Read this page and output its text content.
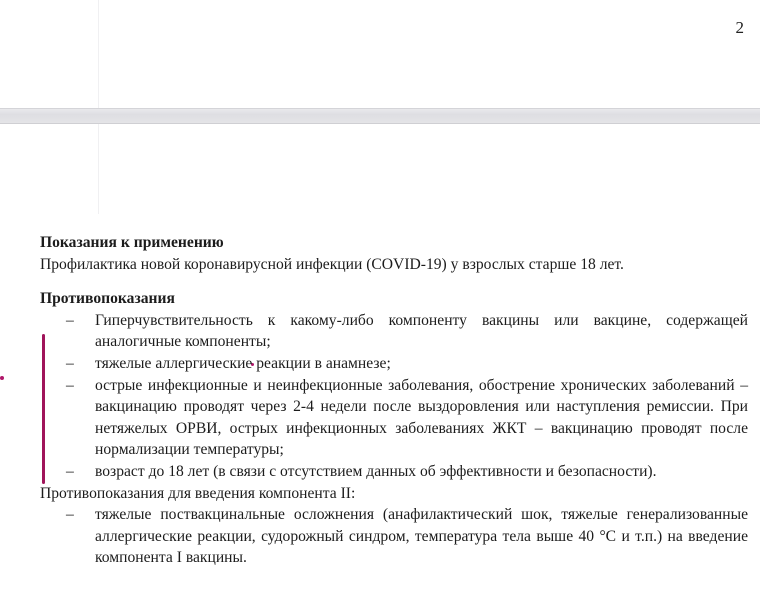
2

Показания к применению

Профилактика новой коронавирусной инфекции (COVID-19) у взрослых старше 18 лет.

Противопоказания

– Гиперчувствительность к какому-либо компоненту вакцины или вакцине, содержащей аналогичные компоненты;
– тяжелые аллергические реакции в анамнезе;
– острые инфекционные и неинфекционные заболевания, обострение хронических заболеваний – вакцинацию проводят через 2-4 недели после выздоровления или наступления ремиссии. При нетяжелых ОРВИ, острых инфекционных заболеваниях ЖКТ – вакцинацию проводят после нормализации температуры;
– возраст до 18 лет (в связи с отсутствием данных об эффективности и безопасности).

Противопоказания для введения компонента II:

– тяжелые поствакцинальные осложнения (анафилактический шок, тяжелые генерализованные аллергические реакции, судорожный синдром, температура тела выше 40 °С и т.п.) на введение компонента I вакцины.
